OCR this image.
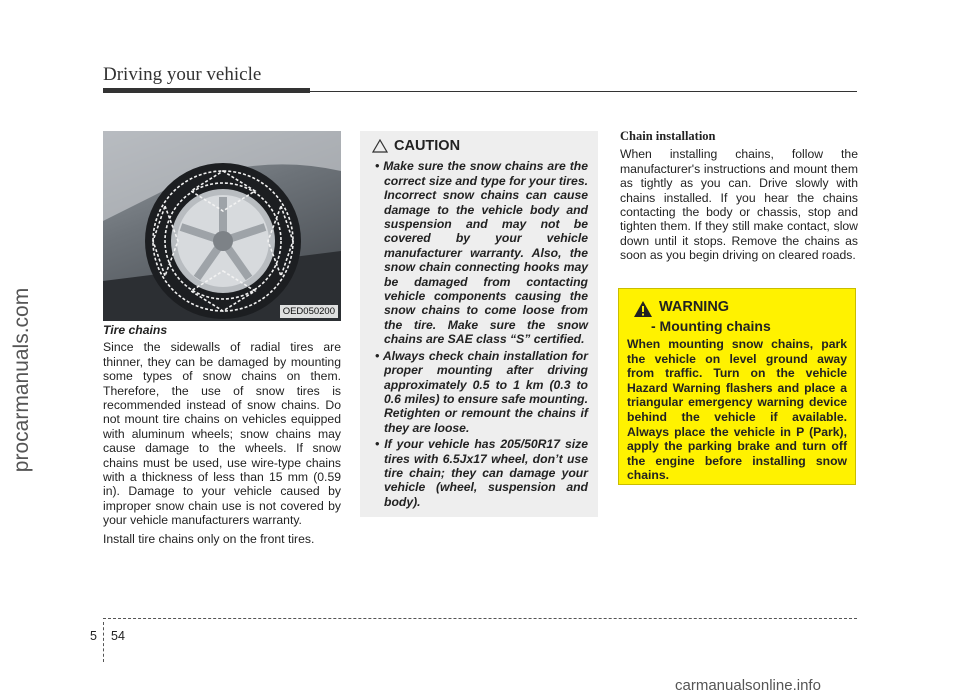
Driving your vehicle
procarmanuals.com	OED050200
Tire chains

Since the sidewalls of radial tires are thinner, they can be damaged by mounting some types of snow chains on them. Therefore, the use of snow tires is recommended instead of snow chains. Do not mount tire chains on vehicles equipped with aluminum wheels; snow chains may cause damage to the wheels. If snow chains must be used, use wire-type chains with a thickness of less than 15 mm (0.59 in). Damage to your vehicle caused by improper snow chain use is not covered by your vehicle manufacturers warranty.

Install tire chains only on the front tires.

CAUTION
• Make sure the snow chains are the correct size and type for your tires. Incorrect snow chains can cause damage to the vehicle body and suspension and may not be covered by your vehicle manufacturer warranty. Also, the snow chain connecting hooks may be damaged from contacting vehicle components causing the snow chains to come loose from the tire. Make sure the snow chains are SAE class “S” certified.
• Always check chain installation for proper mounting after driving approximately 0.5 to 1 km (0.3 to 0.6 miles) to ensure safe mounting. Retighten or remount the chains if they are loose.
• If your vehicle has 205/50R17 size tires with 6.5Jx17 wheel, don’t use tire chain; they can damage your vehicle (wheel, suspension and body).
Chain installation

When installing chains, follow the manufacturer's instructions and mount them as tightly as you can. Drive slowly with chains installed. If you hear the chains contacting the body or chassis, stop and tighten them. If they still make contact, slow down until it stops. Remove the chains as soon as you begin driving on cleared roads.

WARNING
- Mounting chains
When mounting snow chains, park the vehicle on level ground away from traffic. Turn on the vehicle Hazard Warning flashers and place a triangular emergency warning device behind the vehicle if available. Always place the vehicle in P (Park), apply the parking brake and turn off the engine before installing snow chains.
5 54
carmanualsonline.info
